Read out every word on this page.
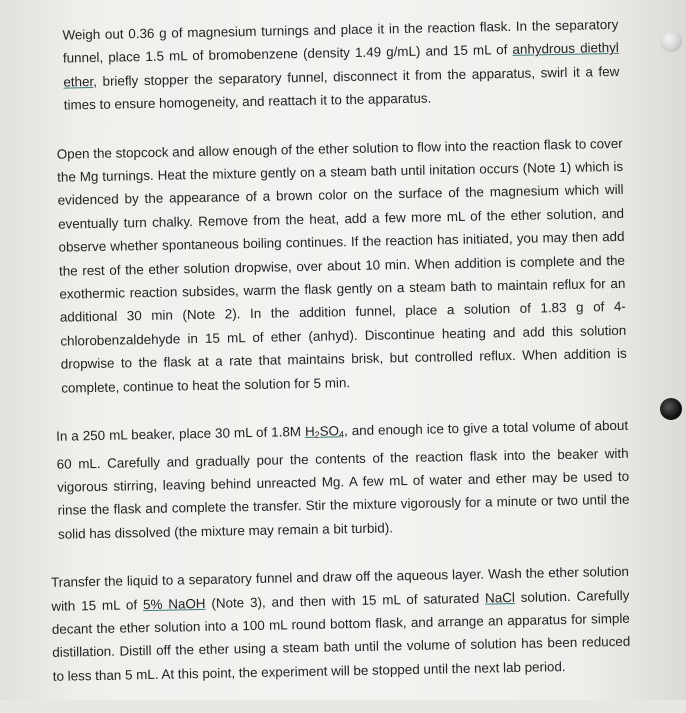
Weigh out 0.36 g of magnesium turnings and place it in the reaction flask. In the separatory funnel, place 1.5 mL of bromobenzene (density 1.49 g/mL) and 15 mL of anhydrous diethyl ether, briefly stopper the separatory funnel, disconnect it from the apparatus, swirl it a few times to ensure homogeneity, and reattach it to the apparatus.

Open the stopcock and allow enough of the ether solution to flow into the reaction flask to cover the Mg turnings. Heat the mixture gently on a steam bath until initation occurs (Note 1) which is evidenced by the appearance of a brown color on the surface of the magnesium which will eventually turn chalky. Remove from the heat, add a few more mL of the ether solution, and observe whether spontaneous boiling continues. If the reaction has initiated, you may then add the rest of the ether solution dropwise, over about 10 min. When addition is complete and the exothermic reaction subsides, warm the flask gently on a steam bath to maintain reflux for an additional 30 min (Note 2). In the addition funnel, place a solution of 1.83 g of 4-chlorobenzaldehyde in 15 mL of ether (anhyd). Discontinue heating and add this solution dropwise to the flask at a rate that maintains brisk, but controlled reflux. When addition is complete, continue to heat the solution for 5 min.

In a 250 mL beaker, place 30 mL of 1.8M $H_2SO_4$, and enough ice to give a total volume of about 60 mL. Carefully and gradually pour the contents of the reaction flask into the beaker with vigorous stirring, leaving behind unreacted Mg. A few mL of water and ether may be used to rinse the flask and complete the transfer. Stir the mixture vigorously for a minute or two until the solid has dissolved (the mixture may remain a bit turbid).

Transfer the liquid to a separatory funnel and draw off the aqueous layer. Wash the ether solution with 15 mL of 5% NaOH (Note 3), and then with 15 mL of saturated NaCl solution. Carefully decant the ether solution into a 100 mL round bottom flask, and arrange an apparatus for simple distillation. Distill off the ether using a steam bath until the volume of solution has been reduced to less than 5 mL. At this point, the experiment will be stopped until the next lab period.
